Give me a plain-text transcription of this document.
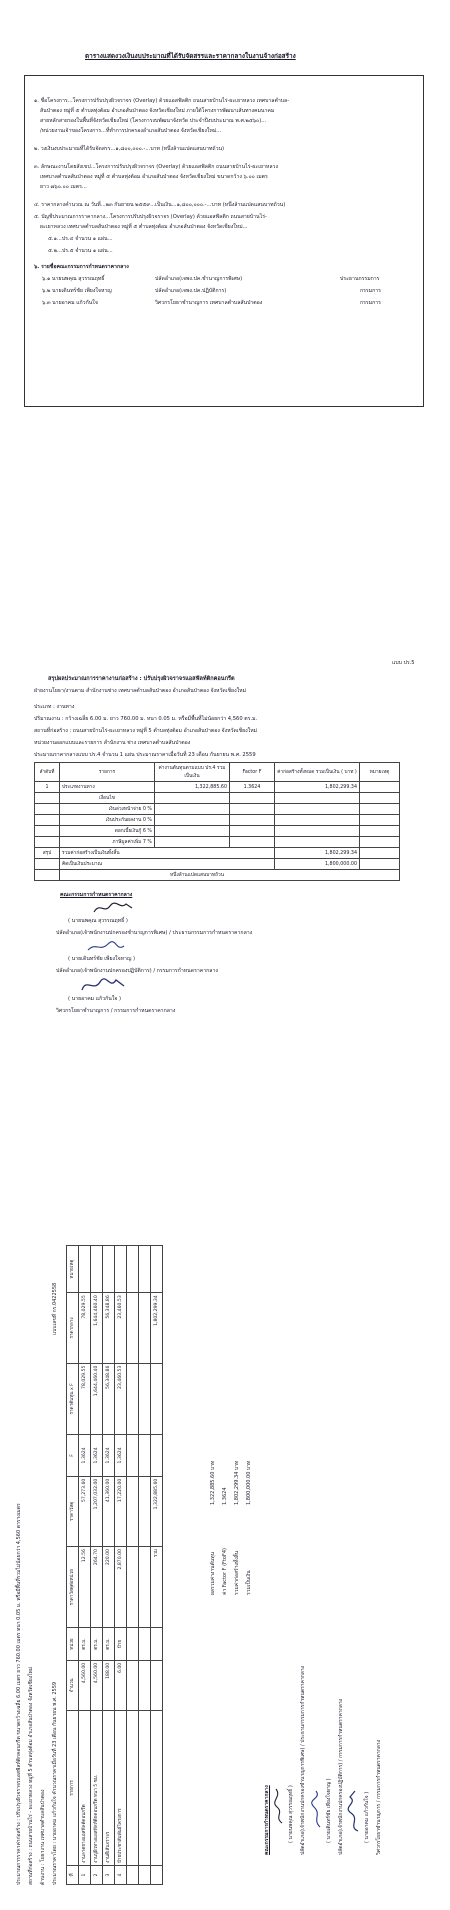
ตารางแสดงวงเงินงบประมาณที่ได้รับจัดสรรและราคากลางในงานจ้างก่อสร้าง
๑. ชื่อโครงการ...โครงการปรับปรุงผิวจราจร (Overlay) ด้วยแอสฟัลติก ถนนสายบ้านไร่-ผะเยาหลวง เทศบาลตำบล-
สันป่าตอง หมู่ที่ ๕ ตำบลทุ่งต้อม อำเภอสันป่าตอง จังหวัดเชียงใหม่ ภายใต้โครงการพัฒนาเส้นทางคมนาคม
สายหลักสายรองในพื้นที่จังหวัดเชียงใหม่ (โครงการงบพัฒนาจังหวัด ประจำปีงบประมาณ พ.ศ.๒๕๖๐)...
/หน่วยงานเจ้าของโครงการ...ที่ทำการปกครองอำเภอสันป่าตอง จังหวัดเชียงใหม่...
๒. วงเงินงบประมาณที่ได้รับจัดสรร...๑,๘๐๐,๐๐๐.-...บาท (หนึ่งล้านแปดแสนบาทถ้วน)
๓. ลักษณะงานโดยสังเขป...โครงการปรับปรุงผิวจราจร (Overlay) ด้วยแอสฟัลติก ถนนสายบ้านไร่-ผะเยาหลวง
เทศบาลตำบลสันป่าตอง หมู่ที่ ๕ ตำบลทุ่งต้อม อำเภอสันป่าตอง จังหวัดเชียงใหม่ ขนาดกว้าง ๖.๐๐ เมตร
ยาว ๗๖๐.๐๐ เมตร...
๔. ราคากลางคำนวณ ณ วันที่...๒๓ กันยายน ๒๕๕๙...เป็นเงิน...๑,๘๐๐,๐๐๐.-...บาท (หนึ่งล้านแปดแสนบาทถ้วน)
๕. บัญชีประมาณการราคากลาง...โครงการปรับปรุงผิวจราจร (Overlay) ด้วยแอสฟัลติก ถนนสายบ้านไร่-
ผะเยาหลวง เทศบาลตำบลสันป่าตอง หมู่ที่ ๕ ตำบลทุ่งต้อม อำเภอสันป่าตอง จังหวัดเชียงใหม่...
๕.๑...ปร.๔ จำนวน ๑ แผ่น...
๕.๒...ปร.๕ จำนวน ๑ แผ่น...
๖. รายชื่อคณะกรรมการกำหนดราคากลาง
๖.๑ นายนพคุณ สุวรรณฤทธิ์	ปลัดอำเภอ(เจพง.ปค.ชำนาญการพิเศษ)	ประธานกรรมการ
๖.๒ นายเดินทร์ชัย เพียงใจหาญ	ปลัดอำเภอ(เจพง.ปค.ปฏิบัติการ)	กรรมการ
๖.๓ นายอาคม แก้วกันใจ	วิศวกรโยธาชำนาญการ เทศบาลตำบลสันป่าตอง	กรรมการ
แบบ ปร.5
สรุปผลประมาณการราคางานก่อสร้าง : ปรับปรุงผิวจราจรแอสฟัลท์ติกคอนกรีต
ฝ่ายงานโยธา/งานตาม สำนักงานช่าง เทศบาลตำบลสันป่าตอง อำเภอสันป่าตอง จังหวัดเชียงใหม่
ประเภท : งานทาง
ปริมาณงาน : กว้างเฉลี่ย 6.00 ม. ยาว 760.00 ม. หนา 0.05 ม. หรือมีพื้นที่ไม่น้อยกว่า 4,560 ตร.ม.
สถานที่ก่อสร้าง : ถนนสายบ้านไร่-ผะเยาหลวง หมู่ที่ 5 ตำบลทุ่งต้อม อำเภอสันป่าตอง จังหวัดเชียงใหม่
หน่วยงานออกแบบและรายการ สำนักงาน ช่าง เทศบาลตำบลสันป่าตอง
ประมาณราคากลางแบบ ปร.4 จำนวน 1 แผ่น ประมาณราคาเมื่อวันที่ 23 เดือน กันยายน พ.ศ. 2559
ลำดับที่	รายการ	ค่างานต้นทุนตามแบบ ปร.4 รวมเป็นเงิน	Factor F	ค่าก่อสร้างทั้งหมด รวมเป็นเงิน ( บาท )	หมายเหตุ
1	ประเภทงานทาง	1,322,885.60	1.3624	1,802,299.34	
	เงื่อนไข				
	เงินล่วงหน้าจ่าย 0 %				
	เงินประกันผลงาน 0 %				
	ดอกเบี้ยเงินกู้ 6 %				
	ภาษีมูลค่าเพิ่ม 7 %				
สรุป	รวมค่าก่อสร้างเป็นเงินทั้งสิ้น			1,802,299.34	
	คิดเป็นเงินประมาณ			1,800,000.00	
	หนึ่งล้านแปดแสนบาทถ้วน				
คณะกรรมการกำหนดราคากลาง
( นายนพคุณ สุวรรณฤทธิ์ )
ปลัดอำเภอ(เจ้าพนักงานปกครองชำนาญการพิเศษ) / ประธานกรรมการกำหนดราคากลาง
( นายเดินทร์ชัย เพียงใจหาญ )
ปลัดอำเภอ(เจ้าพนักงานปกครองปฏิบัติการ) / กรรมการกำหนดราคากลาง
( นายอาคม แก้วกันใจ )
วิศวกรโยธาชำนาญการ / กรรมการกำหนดราคากลาง
ประมาณการราคาค่าก่อสร้าง : ปรับปรุงผิวจราจรแอสฟัลท์ติกคอนกรีต ขนาดกว้างเฉลี่ย 6.00 เมตร ยาว 760.00 เมตร หนา 0.05 ม. หรือมีพื้นที่รวมไม่น้อยกว่า 4,560 ตารางเมตร สถานที่ก่อสร้าง : ถนนสายบ้านไร่ - ผะเยาหลวง หมู่ที่ 5 ตำบลทุ่งต้อม อำเภอสันป่าตอง จังหวัดเชียงใหม่ ด้านงาน : โยธางาน เทศบาลตำบลสันป่าตอง ประมาณราคาโดย : นายอาคม แก้วกันใจ คำนวณราคาเมื่อวันที่ 23 เดือน กันยายน พ.ศ. 2559
แบบเลขที่ กร.0422558
ที่	รายการ	จำนวน	หน่วย	ราคาวัสดุต่อหน่วย	ราคาวัสดุ	F	ราคาต้นทุน x F	ราคากลาง	หมายเหตุ
1	งานลาดยางแอสฟัลต์คอนกรีต	4,560.00	ตร.ม.	12.56	57,273.60	1.3624	78,029.55	78,029.55	
2	งานปูผิวทางแอสฟัลท์ติกคอนกรีต หนา 5 ซม.	4,560.00	ตร.ม.	264.70	1,207,032.00	1.3624	1,644,460.40	1,644,460.40	
3	งานตีเส้นจราจร	188.00	ตร.ม.	220.00	41,360.00	1.3624	56,348.86	56,348.86	
4	ป้ายประชาสัมพันธ์โครงการ	6.00	ป้าย	2,870.00	17,220.00	1.3624	23,460.53	23,460.53	

				รวม	1,322,885.60			1,802,299.34	
ผลรวมค่างานต้นทุน
1,322,885.60 บาท
ค่า Factor F (FtoF4)
1.3624
รวมค่าก่อสร้างทั้งสิ้น
1,802,299.34 บาท
รวมเป็นเงิน
1,800,000.00 บาท
คณะกรรมการกำหนดราคากลาง	( นายนพคุณ สุวรรณฤทธิ์ ) ปลัดอำเภอ(เจ้าพนักงานปกครองชำนาญการพิเศษ) / ประธานกรรมการกำหนดราคากลาง	( นายเดินทร์ชัย เพียงใจหาญ ) ปลัดอำเภอ(เจ้าพนักงานปกครองปฏิบัติการ) / กรรมการกำหนดราคากลาง	( นายอาคม แก้วกันใจ ) วิศวกรโยธาชำนาญการ / กรรมการกำหนดราคากลาง
